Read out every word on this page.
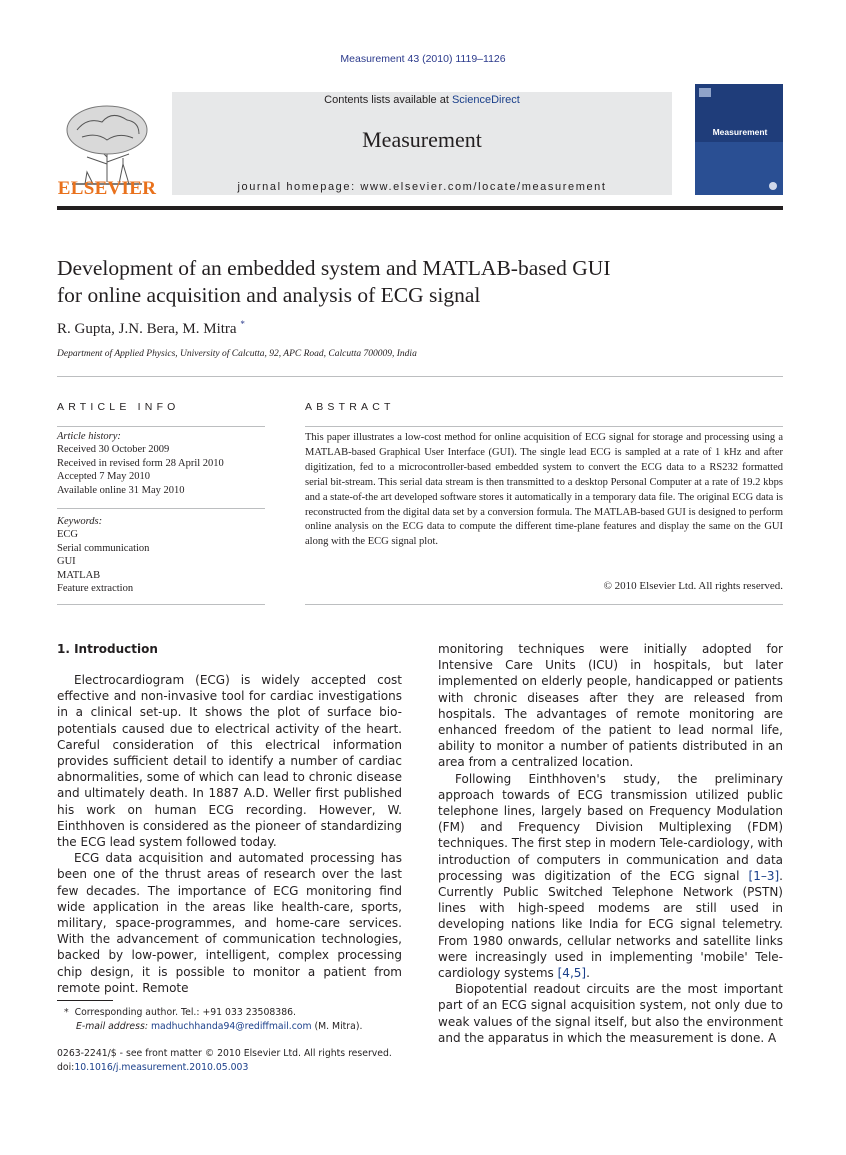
Measurement 43 (2010) 1119–1126
ELSEVIER
Contents lists available at ScienceDirect
Measurement
journal homepage: www.elsevier.com/locate/measurement
Measurement
Development of an embedded system and MATLAB-based GUI
for online acquisition and analysis of ECG signal
R. Gupta, J.N. Bera, M. Mitra *
Department of Applied Physics, University of Calcutta, 92, APC Road, Calcutta 700009, India
ARTICLE INFO
Article history:
Received 30 October 2009
Received in revised form 28 April 2010
Accepted 7 May 2010
Available online 31 May 2010
Keywords:
ECG
Serial communication
GUI
MATLAB
Feature extraction
ABSTRACT
This paper illustrates a low-cost method for online acquisition of ECG signal for storage and processing using a MATLAB-based Graphical User Interface (GUI). The single lead ECG is sampled at a rate of 1 kHz and after digitization, fed to a microcontroller-based embedded system to convert the ECG data to a RS232 formatted serial bit-stream. This serial data stream is then transmitted to a desktop Personal Computer at a rate of 19.2 kbps and a state-of-the art developed software stores it automatically in a temporary data file. The original ECG data is reconstructed from the digital data set by a conversion formula. The MATLAB-based GUI is designed to perform online analysis on the ECG data to compute the different time-plane features and display the same on the GUI along with the ECG signal plot.
© 2010 Elsevier Ltd. All rights reserved.
1. Introduction

Electrocardiogram (ECG) is widely accepted cost effective and non-invasive tool for cardiac investigations in a clinical set-up. It shows the plot of surface bio-potentials caused due to electrical activity of the heart. Careful consideration of this electrical information provides sufficient detail to identify a number of cardiac abnormalities, some of which can lead to chronic disease and ultimately death. In 1887 A.D. Weller first published his work on human ECG recording. However, W. Einthhoven is considered as the pioneer of standardizing the ECG lead system followed today.

ECG data acquisition and automated processing has been one of the thrust areas of research over the last few decades. The importance of ECG monitoring find wide application in the areas like health-care, sports, military, space-programmes, and home-care services. With the advancement of communication technologies, backed by low-power, intelligent, complex processing chip design, it is possible to monitor a patient from remote point. Remote

monitoring techniques were initially adopted for Intensive Care Units (ICU) in hospitals, but later implemented on elderly people, handicapped or patients with chronic diseases after they are released from hospitals. The advantages of remote monitoring are enhanced freedom of the patient to lead normal life, ability to monitor a number of patients distributed in an area from a centralized location.

Following Einthhoven's study, the preliminary approach towards of ECG transmission utilized public telephone lines, largely based on Frequency Modulation (FM) and Frequency Division Multiplexing (FDM) techniques. The first step in modern Tele-cardiology, with introduction of computers in communication and data processing was digitization of the ECG signal [1–3]. Currently Public Switched Telephone Network (PSTN) lines with high-speed modems are still used in developing nations like India for ECG signal telemetry. From 1980 onwards, cellular networks and satellite links were increasingly used in implementing 'mobile' Tele-cardiology systems [4,5].

Biopotential readout circuits are the most important part of an ECG signal acquisition system, not only due to weak values of the signal itself, but also the environment and the apparatus in which the measurement is done. A

* Corresponding author. Tel.: +91 033 23508386.
E-mail address: madhuchhanda94@rediffmail.com (M. Mitra).
0263-2241/$ - see front matter © 2010 Elsevier Ltd. All rights reserved.
doi:10.1016/j.measurement.2010.05.003
